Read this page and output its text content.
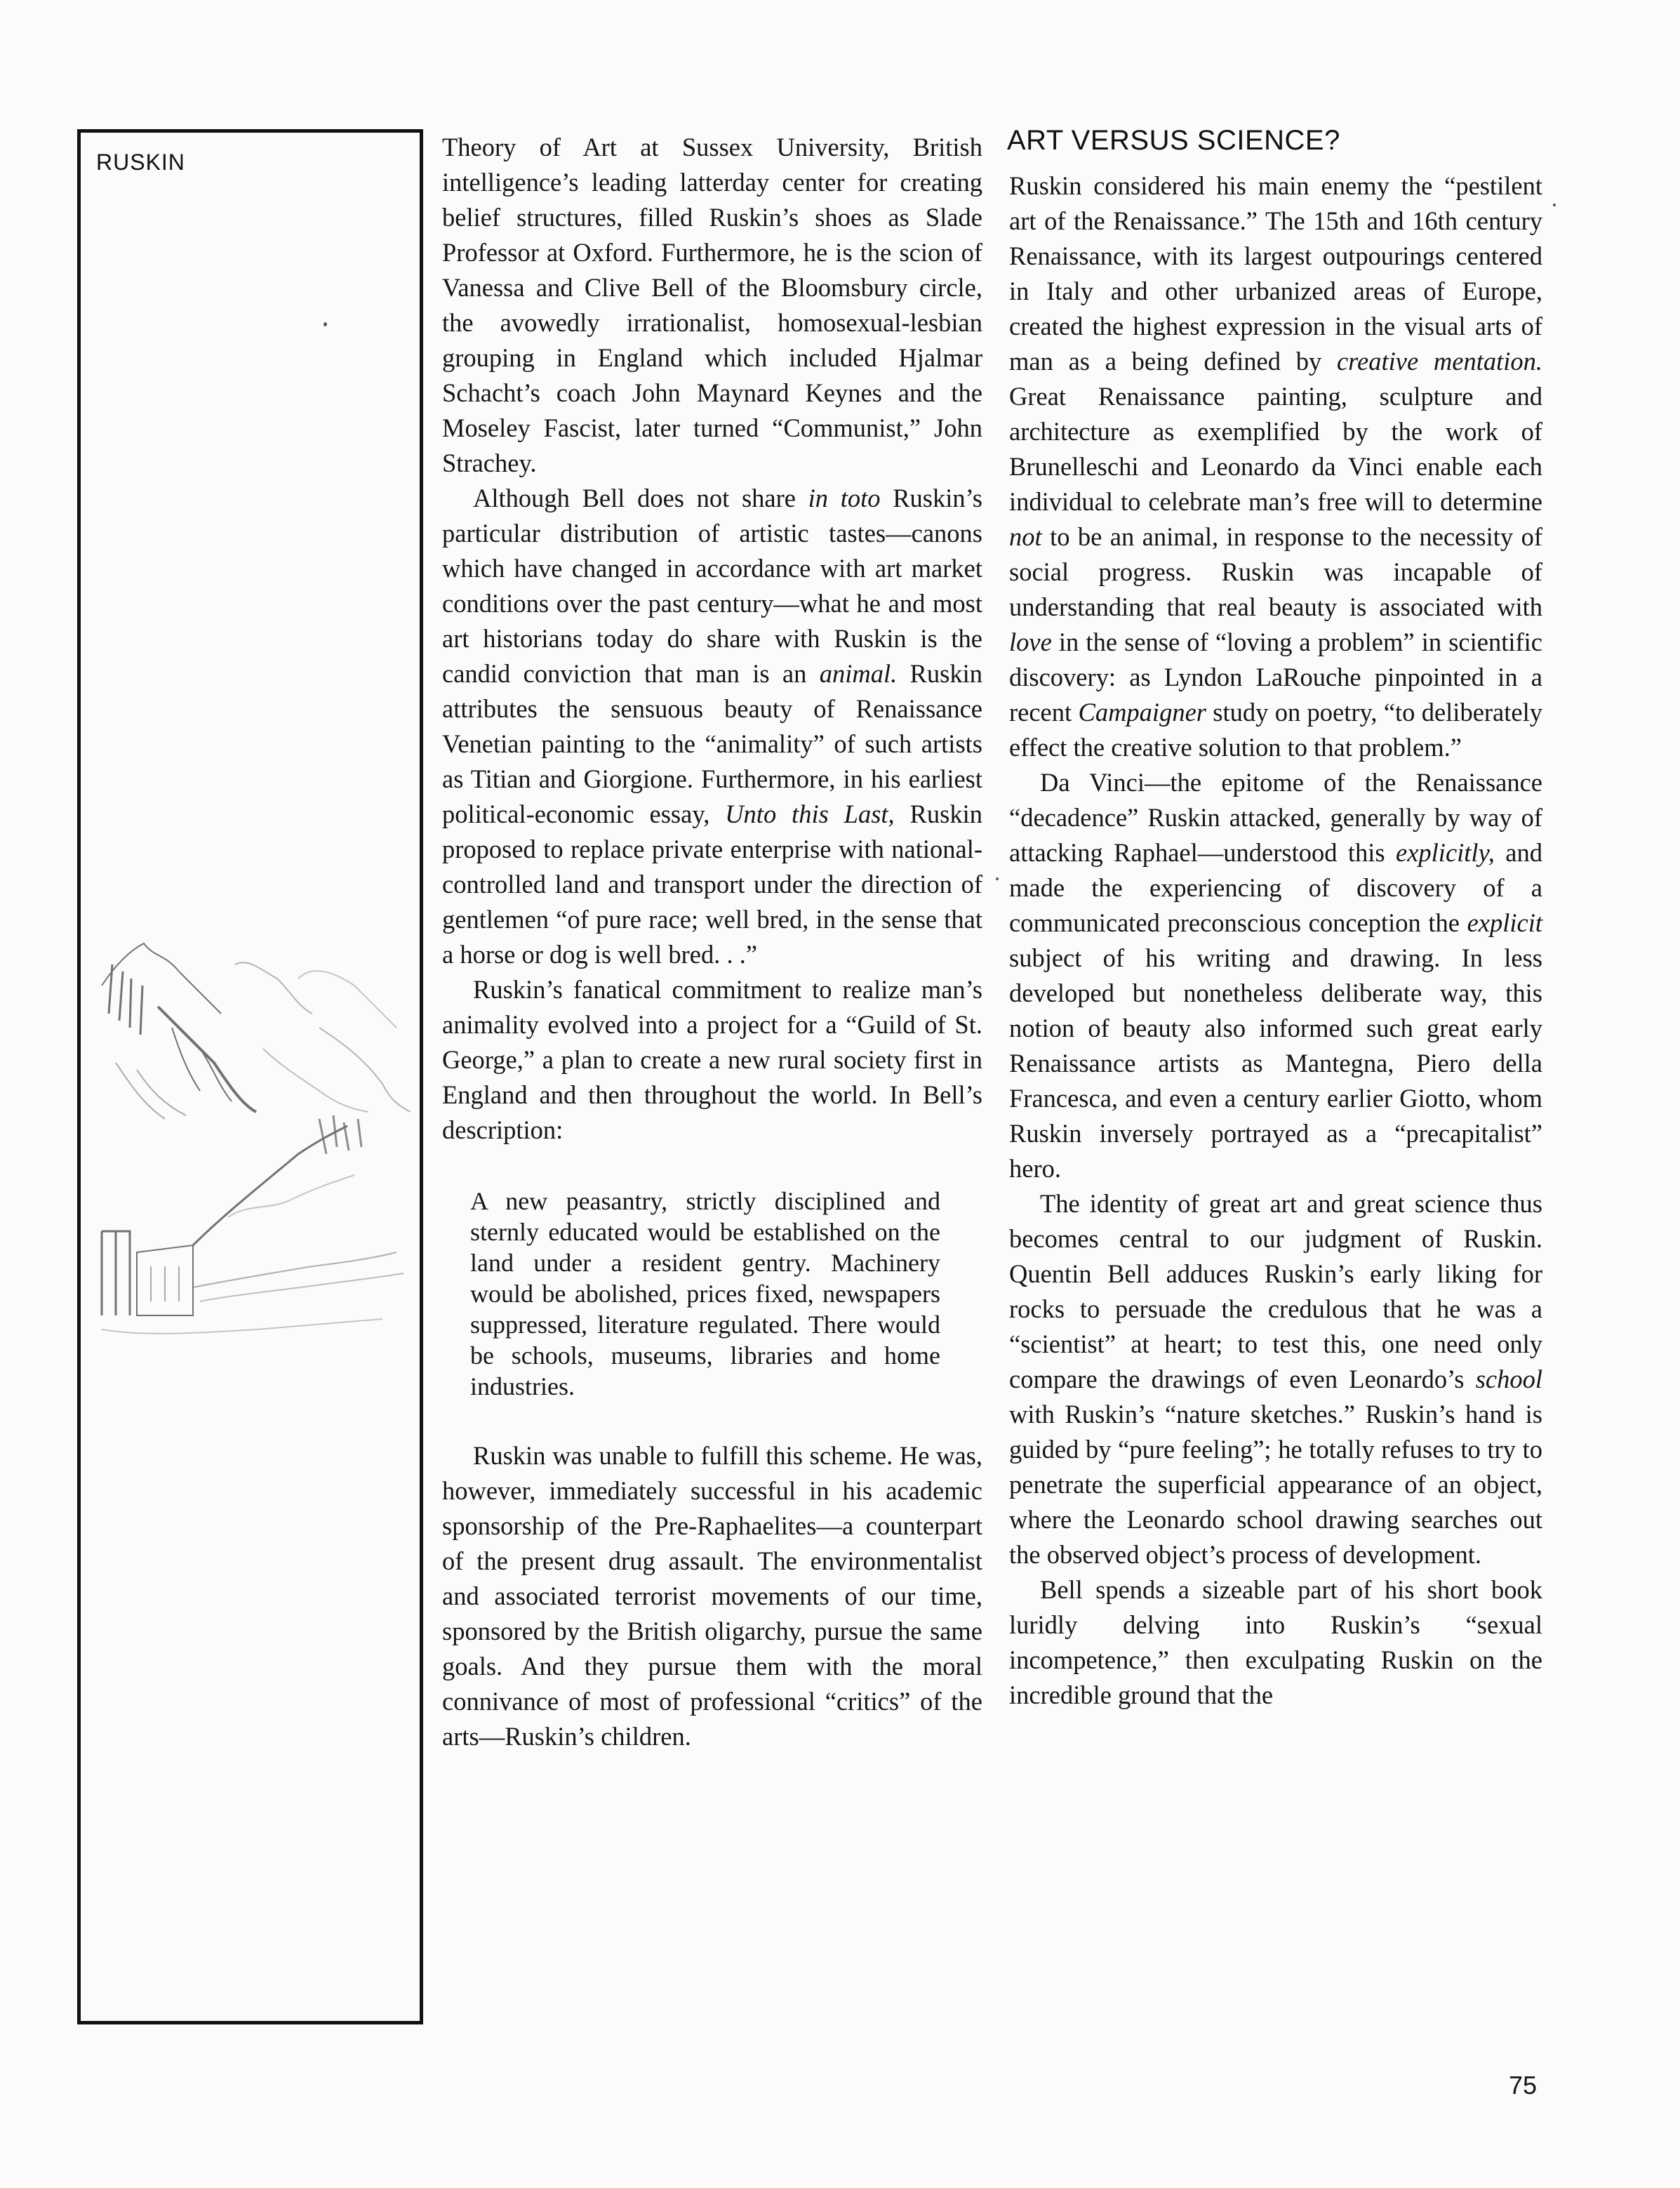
RUSKIN
ART VERSUS SCIENCE?

Theory of Art at Sussex University, British intelligence’s leading latterday center for creating belief structures, filled Ruskin’s shoes as Slade Professor at Oxford. Furthermore, he is the scion of Vanessa and Clive Bell of the Bloomsbury circle, the avowedly irrationalist, homosexual-lesbian grouping in England which included Hjalmar Schacht’s coach John Maynard Keynes and the Moseley Fascist, later turned “Communist,” John Strachey.

Although Bell does not share in toto Ruskin’s particular distribution of artistic tastes—canons which have changed in accordance with art market conditions over the past century—what he and most art historians today do share with Ruskin is the candid conviction that man is an animal. Ruskin attributes the sensuous beauty of Renaissance Venetian painting to the “animality” of such artists as Titian and Giorgione. Furthermore, in his earliest political-economic essay, Unto this Last, Ruskin proposed to replace private enterprise with national-controlled land and transport under the direction of gentlemen “of pure race; well bred, in the sense that a horse or dog is well bred. . .”

Ruskin’s fanatical commitment to realize man’s animality evolved into a project for a “Guild of St. George,” a plan to create a new rural society first in England and then throughout the world. In Bell’s description:

A new peasantry, strictly disciplined and sternly educated would be established on the land under a resident gentry. Machinery would be abolished, prices fixed, newspapers suppressed, literature regulated. There would be schools, museums, libraries and home industries.

Ruskin was unable to fulfill this scheme. He was, however, immediately successful in his academic sponsorship of the Pre-Raphaelites—a counterpart of the present drug assault. The environmentalist and associated terrorist movements of our time, sponsored by the British oligarchy, pursue the same goals. And they pursue them with the moral connivance of most of professional “critics” of the arts—Ruskin’s children.

Ruskin considered his main enemy the “pestilent art of the Renaissance.” The 15th and 16th century Renaissance, with its largest outpourings centered in Italy and other urbanized areas of Europe, created the highest expression in the visual arts of man as a being defined by creative mentation. Great Renaissance painting, sculpture and architecture as exemplified by the work of Brunelleschi and Leonardo da Vinci enable each individual to celebrate man’s free will to determine not to be an animal, in response to the necessity of social progress. Ruskin was incapable of understanding that real beauty is associated with love in the sense of “loving a problem” in scientific discovery: as Lyndon LaRouche pinpointed in a recent Campaigner study on poetry, “to deliberately effect the creative solution to that problem.”

Da Vinci—the epitome of the Renaissance “decadence” Ruskin attacked, generally by way of attacking Raphael—understood this explicitly, and made the experiencing of discovery of a communicated preconscious conception the explicit subject of his writing and drawing. In less developed but nonetheless deliberate way, this notion of beauty also informed such great early Renaissance artists as Mantegna, Piero della Francesca, and even a century earlier Giotto, whom Ruskin inversely portrayed as a “precapitalist” hero.

The identity of great art and great science thus becomes central to our judgment of Ruskin. Quentin Bell adduces Ruskin’s early liking for rocks to persuade the credulous that he was a “scientist” at heart; to test this, one need only compare the drawings of even Leonardo’s school with Ruskin’s “nature sketches.” Ruskin’s hand is guided by “pure feeling”; he totally refuses to try to penetrate the superficial appearance of an object, where the Leonardo school drawing searches out the observed object’s process of development.

Bell spends a sizeable part of his short book luridly delving into Ruskin’s “sexual incompetence,” then exculpating Ruskin on the incredible ground that the

75
